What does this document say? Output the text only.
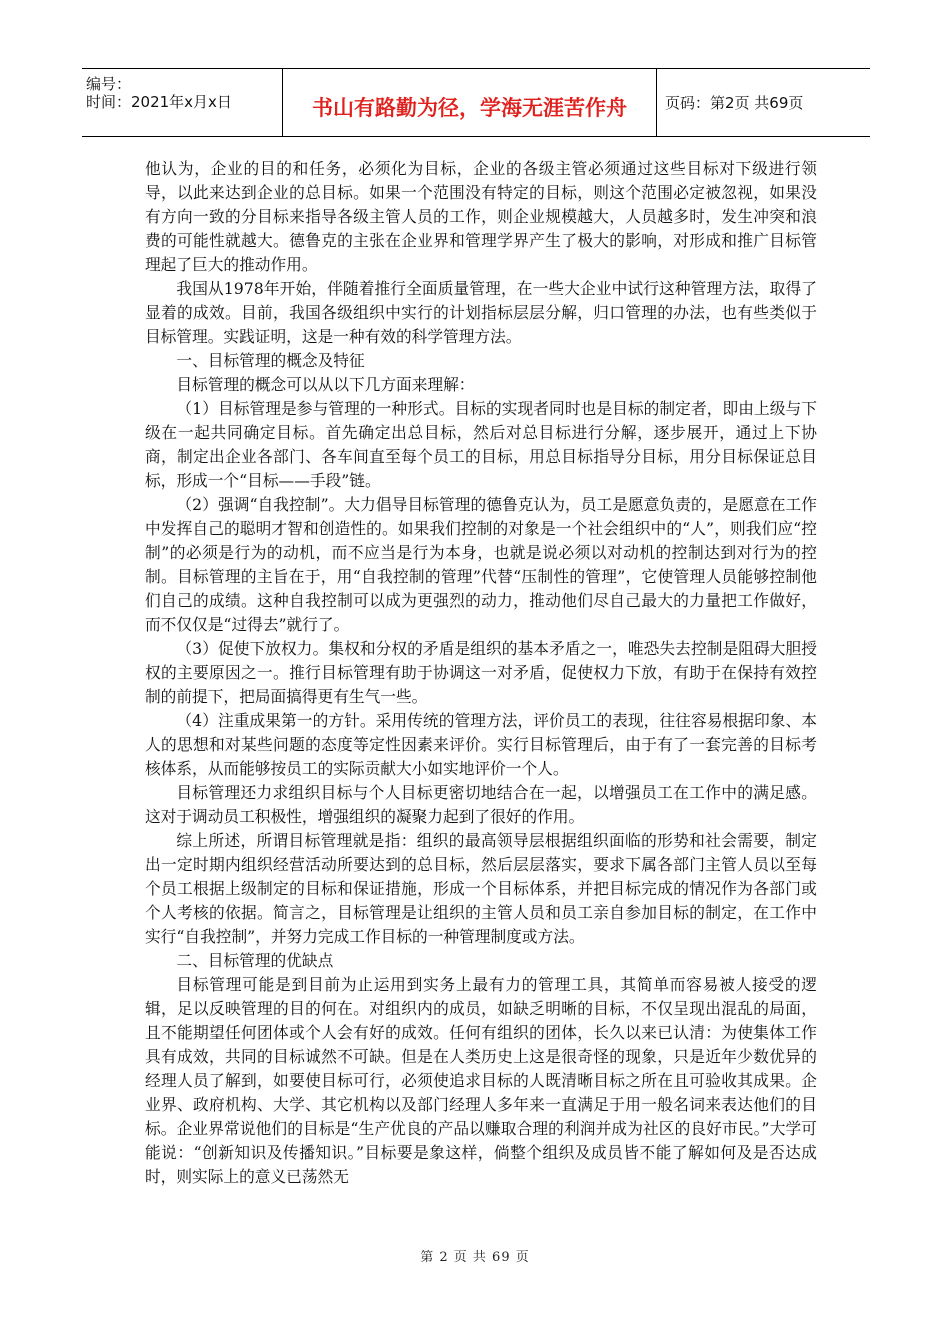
编号：
时间：2021年x月x日	书山有路勤为径，学海无涯苦作舟	页码：第2页 共69页

他认为，企业的目的和任务，必须化为目标，企业的各级主管必须通过这些目标对下级进行领导，以此来达到企业的总目标。如果一个范围没有特定的目标，则这个范围必定被忽视，如果没有方向一致的分目标来指导各级主管人员的工作，则企业规模越大，人员越多时，发生冲突和浪费的可能性就越大。德鲁克的主张在企业界和管理学界产生了极大的影响，对形成和推广目标管理起了巨大的推动作用。

我国从1978年开始，伴随着推行全面质量管理，在一些大企业中试行这种管理方法，取得了显着的成效。目前，我国各级组织中实行的计划指标层层分解，归口管理的办法，也有些类似于目标管理。实践证明，这是一种有效的科学管理方法。

一、目标管理的概念及特征

目标管理的概念可以从以下几方面来理解：

（1）目标管理是参与管理的一种形式。目标的实现者同时也是目标的制定者，即由上级与下级在一起共同确定目标。首先确定出总目标，然后对总目标进行分解，逐步展开，通过上下协商，制定出企业各部门、各车间直至每个员工的目标，用总目标指导分目标，用分目标保证总目标，形成一个“目标——手段”链。

（2）强调“自我控制”。大力倡导目标管理的德鲁克认为，员工是愿意负责的，是愿意在工作中发挥自己的聪明才智和创造性的。如果我们控制的对象是一个社会组织中的“人”，则我们应“控制”的必须是行为的动机，而不应当是行为本身，也就是说必须以对动机的控制达到对行为的控制。目标管理的主旨在于，用“自我控制的管理”代替“压制性的管理”，它使管理人员能够控制他们自己的成绩。这种自我控制可以成为更强烈的动力，推动他们尽自己最大的力量把工作做好，而不仅仅是“过得去”就行了。

（3）促使下放权力。集权和分权的矛盾是组织的基本矛盾之一，唯恐失去控制是阻碍大胆授权的主要原因之一。推行目标管理有助于协调这一对矛盾，促使权力下放，有助于在保持有效控制的前提下，把局面搞得更有生气一些。

（4）注重成果第一的方针。采用传统的管理方法，评价员工的表现，往往容易根据印象、本人的思想和对某些问题的态度等定性因素来评价。实行目标管理后，由于有了一套完善的目标考核体系，从而能够按员工的实际贡献大小如实地评价一个人。

目标管理还力求组织目标与个人目标更密切地结合在一起，以增强员工在工作中的满足感。这对于调动员工积极性，增强组织的凝聚力起到了很好的作用。

综上所述，所谓目标管理就是指：组织的最高领导层根据组织面临的形势和社会需要，制定出一定时期内组织经营活动所要达到的总目标，然后层层落实，要求下属各部门主管人员以至每个员工根据上级制定的目标和保证措施，形成一个目标体系，并把目标完成的情况作为各部门或个人考核的依据。简言之，目标管理是让组织的主管人员和员工亲自参加目标的制定，在工作中实行“自我控制”，并努力完成工作目标的一种管理制度或方法。

二、目标管理的优缺点

目标管理可能是到目前为止运用到实务上最有力的管理工具，其简单而容易被人接受的逻辑，足以反映管理的目的何在。对组织内的成员，如缺乏明晰的目标，不仅呈现出混乱的局面，且不能期望任何团体或个人会有好的成效。任何有组织的团体，长久以来已认清：为使集体工作具有成效，共同的目标诚然不可缺。但是在人类历史上这是很奇怪的现象，只是近年少数优异的经理人员了解到，如要使目标可行，必须使追求目标的人既清晰目标之所在且可验收其成果。企业界、政府机构、大学、其它机构以及部门经理人多年来一直满足于用一般名词来表达他们的目标。企业界常说他们的目标是“生产优良的产品以赚取合理的利润并成为社区的良好市民。”大学可能说：“创新知识及传播知识。”目标要是象这样，倘整个组织及成员皆不能了解如何及是否达成时，则实际上的意义已荡然无

第 2 页 共 69 页
